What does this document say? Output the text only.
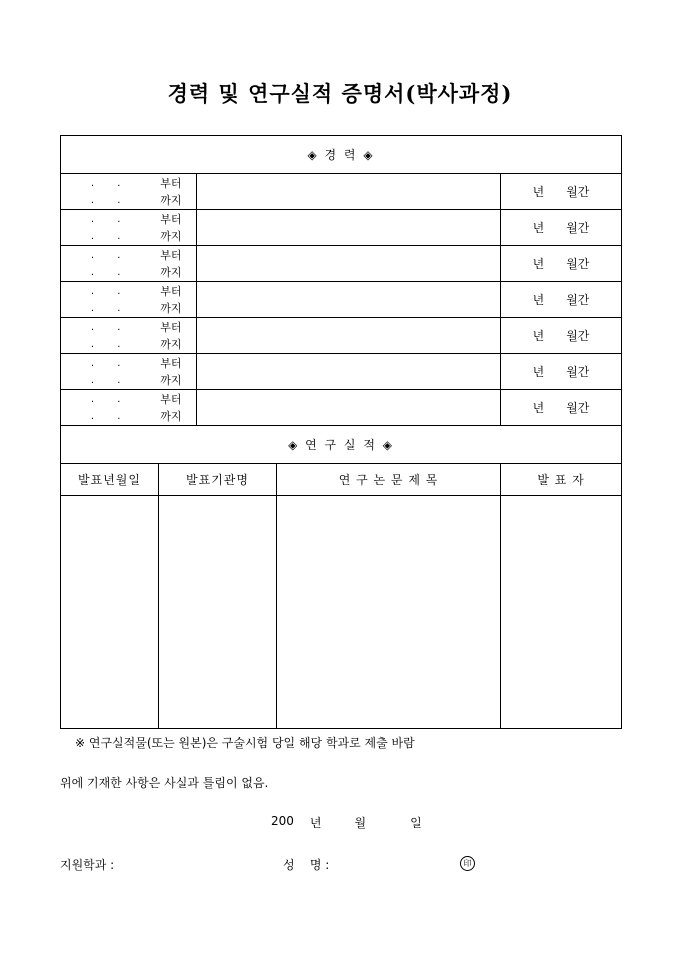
경력 및 연구실적 증명서(박사과정)
◈ 경 력 ◈				

. . 부터
. . 까지				년 월간

. . 부터
. . 까지				년 월간

. . 부터
. . 까지				년 월간

. . 부터
. . 까지				년 월간

. . 부터
. . 까지				년 월간

. . 부터
. . 까지				년 월간

. . 부터
. . 까지				년 월간
◈ 연 구 실 적 ◈				
발표년월일	발표기관명		연 구 논 문 제 목	발 표 자

※ 연구실적물(또는 원본)은 구술시험 당일 해당 학과로 제출 바람
위에 기재한 사항은 사실과 틀림이 없음.
200 년	월	일
지원학과 :	성    명 :	印
